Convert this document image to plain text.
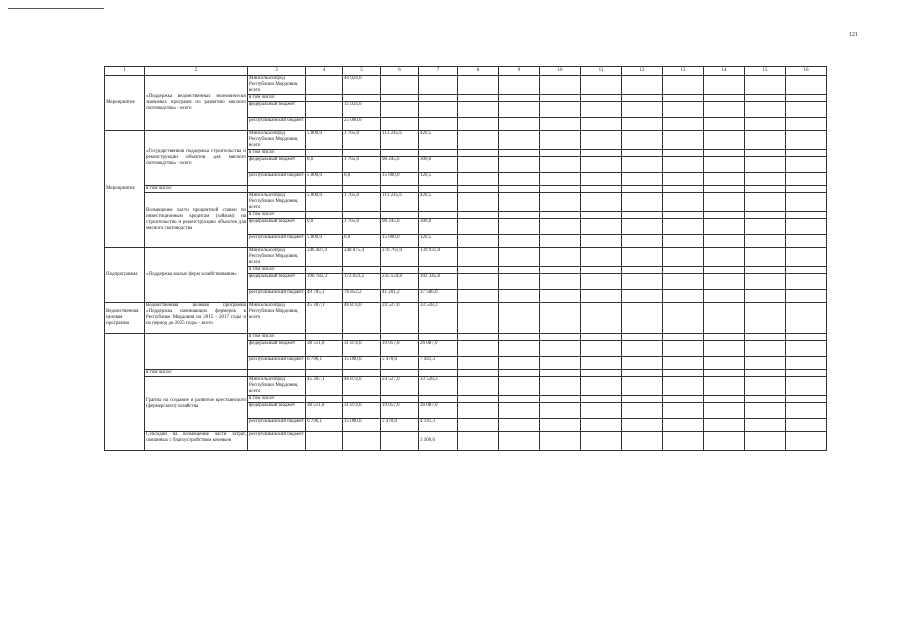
121
1	2	3	4	5	6	7	8	9	10	11	12	13	14	15	16
Мероприятие	«Поддержка ведомственных экономически значимых программ по развитию мясного скотоводства» - всего	Минсельхозпрод Республики Мордовия, всего		40 924,0											
		в том числе:													
		федеральный бюджет		15 924,0											
		республиканский бюджет		25 000,0											
Мероприятие	«Государственная поддержка строительства и реконструкции объектов для мясного скотоводства» - всего	Минсельхозпрод Республики Мордовия, всего	5 800,0	1 765,0	113 245,6	420,5									
		в том числе:													
		федеральный бюджет	0,0	1 765,0	98 245,6	300,0									
		республиканский бюджет	5 800,0	0,0	15 000,0	120,5									
	в том числе:														
	Возмещение части процентной ставки по инвестиционным кредитам (займам) на строительство и реконструкцию объектов для мясного скотоводства	Минсельхозпрод Республики Мордовия, всего	5 800,0	1 765,0	113 245,6	420,5									
		в том числе:													
		федеральный бюджет	0,0	1 765,0	98 245,6	300,0									
		республиканский бюджет	5 800,0	0,0	15 000,0	120,5									
Подпрограмма	«Поддержка малых форм хозяйствования»	Минсельхозпрод Республики Мордовия, всего	246 487,4	248 875,4	276 761,0	139 931,8									
		в том числе:													
		федеральный бюджет	196 782,3	172 023,2	235 559,8	102 345,8									
		республиканский бюджет	49 705,1	76 852,2	41 201,2	37 586,0									
Ведомственная целевая программа	Ведомственная целевая программа «Поддержка начинающих фермеров в Республике Мордовия на 2015 - 2017 годы и на период до 2025 года» - всего	Минсельхозпрод Республики Мордовия, всего	45 307,1	46 874,0	24 527,0	33 528,3									
		в том числе:													
		федеральный бюджет	38 511,0	31 874,0	19 057,0	26 087,0									
		республиканский бюджет	6 796,1	15 000,0	5 470,0	7 441,3									
	в том числе:														
	Гранты на создание и развитие крестьянского (фермерского) хозяйства	Минсельхозпрод Республики Мордовия, всего	45 307,1	46 874,0	24 527,0	33 528,3									
		в том числе:													
		федеральный бюджет	38 511,0	31 874,0	19 057,0	26 087,0									
		республиканский бюджет	6 796,1	15 000,0	5 470,0	4 141,3									
	Субсидии на возмещение части затрат, связанных с благоустройством кочевьев	республиканский бюджет				3 300,0									
